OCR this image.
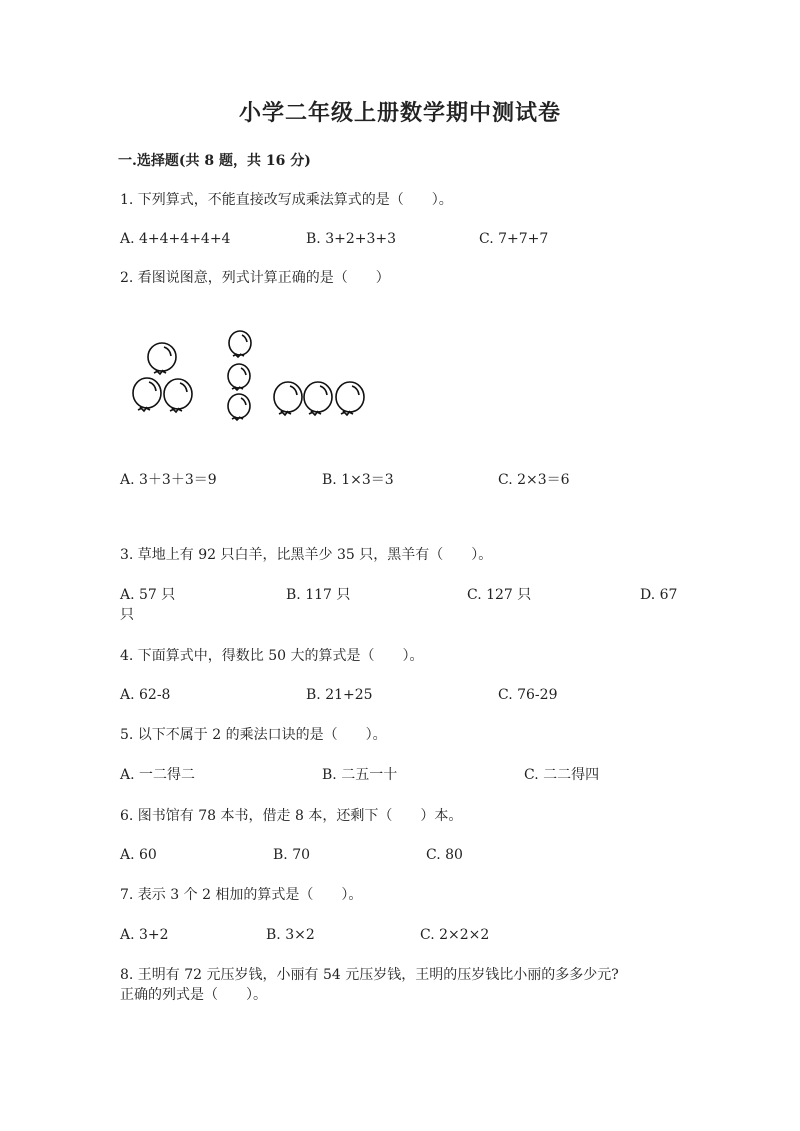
小学二年级上册数学期中测试卷
一.选择题(共 8 题，共 16 分)
1. 下列算式，不能直接改写成乘法算式的是（　　）。
A. 4+4+4+4+4	B. 3+2+3+3	C. 7+7+7
2. 看图说图意，列式计算正确的是（　　）
A. 3＋3＋3＝9	B. 1×3＝3	C. 2×3＝6
3. 草地上有 92 只白羊，比黑羊少 35 只，黑羊有（　　）。
A. 57 只	B. 117 只	C. 127 只	D. 67
只
4. 下面算式中，得数比 50 大的算式是（　　）。
A. 62-8	B. 21+25	C. 76-29
5. 以下不属于 2 的乘法口诀的是（　　）。
A. 一二得二	B. 二五一十	C. 二二得四
6. 图书馆有 78 本书，借走 8 本，还剩下（　　）本。
A. 60	B. 70	C. 80
7. 表示 3 个 2 相加的算式是（　　）。
A. 3+2	B. 3×2	C. 2×2×2
8. 王明有 72 元压岁钱，小丽有 54 元压岁钱，王明的压岁钱比小丽的多多少元?
正确的列式是（　　）。
